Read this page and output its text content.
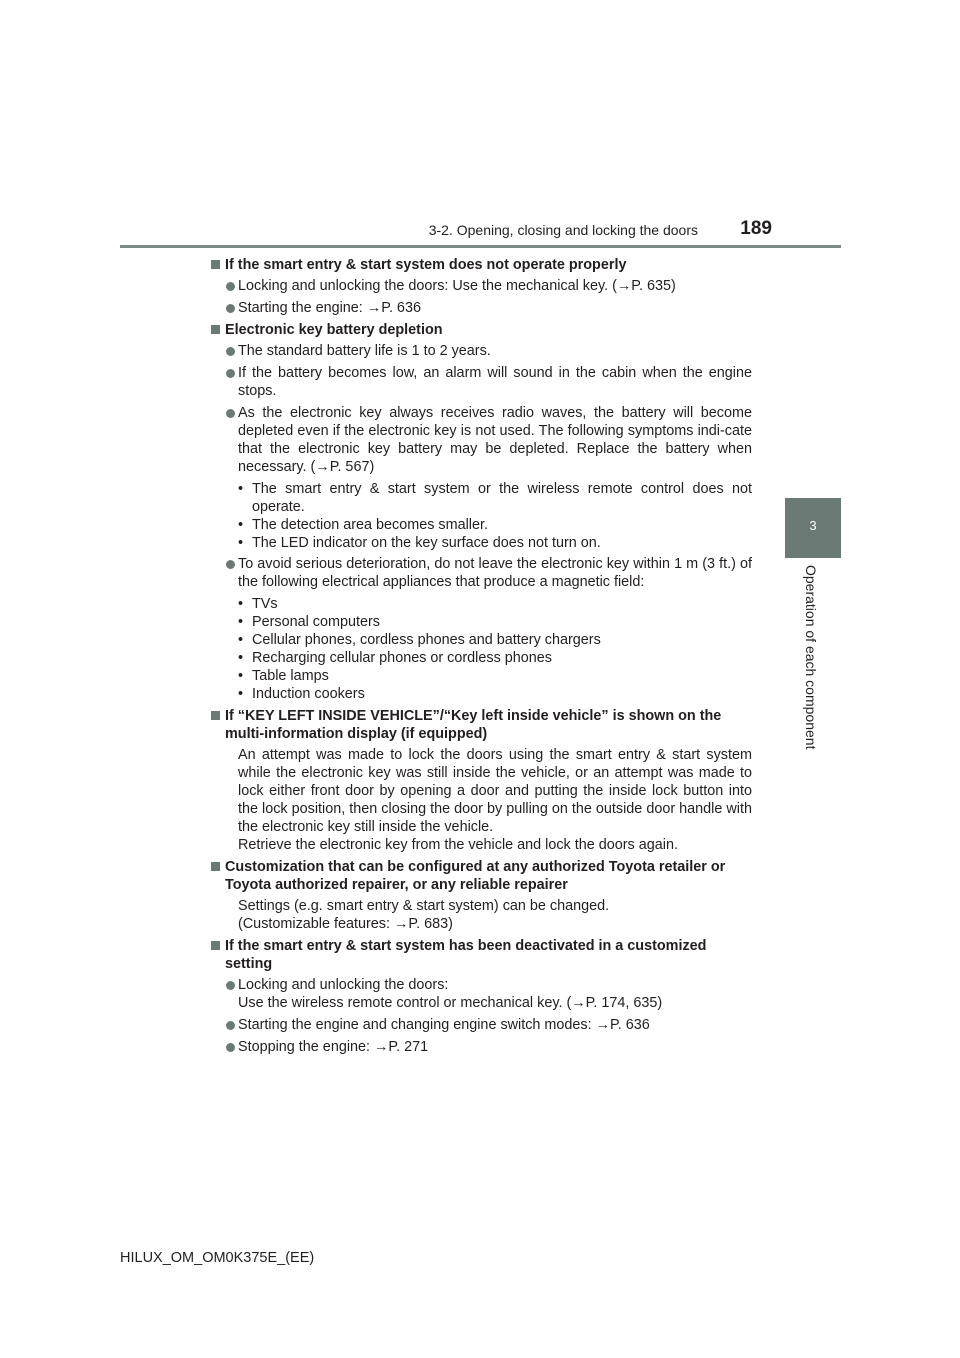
3-2. Opening, closing and locking the doors 189
3
Operation of each component
If the smart entry & start system does not operate properly
Locking and unlocking the doors: Use the mechanical key. (→P. 635)
Starting the engine: →P. 636
Electronic key battery depletion
The standard battery life is 1 to 2 years.
If the battery becomes low, an alarm will sound in the cabin when the engine stops.
As the electronic key always receives radio waves, the battery will become depleted even if the electronic key is not used. The following symptoms indi-cate that the electronic key battery may be depleted. Replace the battery when necessary. (→P. 567)
• The smart entry & start system or the wireless remote control does not operate.
• The detection area becomes smaller.
• The LED indicator on the key surface does not turn on.
To avoid serious deterioration, do not leave the electronic key within 1 m (3 ft.) of the following electrical appliances that produce a magnetic field:
• TVs
• Personal computers
• Cellular phones, cordless phones and battery chargers
• Recharging cellular phones or cordless phones
• Table lamps
• Induction cookers
If “KEY LEFT INSIDE VEHICLE”/“Key left inside vehicle” is shown on the multi-information display (if equipped)
An attempt was made to lock the doors using the smart entry & start system while the electronic key was still inside the vehicle, or an attempt was made to lock either front door by opening a door and putting the inside lock button into the lock position, then closing the door by pulling on the outside door handle with the electronic key still inside the vehicle.
Retrieve the electronic key from the vehicle and lock the doors again.
Customization that can be configured at any authorized Toyota retailer or Toyota authorized repairer, or any reliable repairer
Settings (e.g. smart entry & start system) can be changed.
(Customizable features: →P. 683)
If the smart entry & start system has been deactivated in a customized setting
Locking and unlocking the doors:
Use the wireless remote control or mechanical key. (→P. 174, 635)
Starting the engine and changing engine switch modes: →P. 636
Stopping the engine: →P. 271
HILUX_OM_OM0K375E_(EE)
